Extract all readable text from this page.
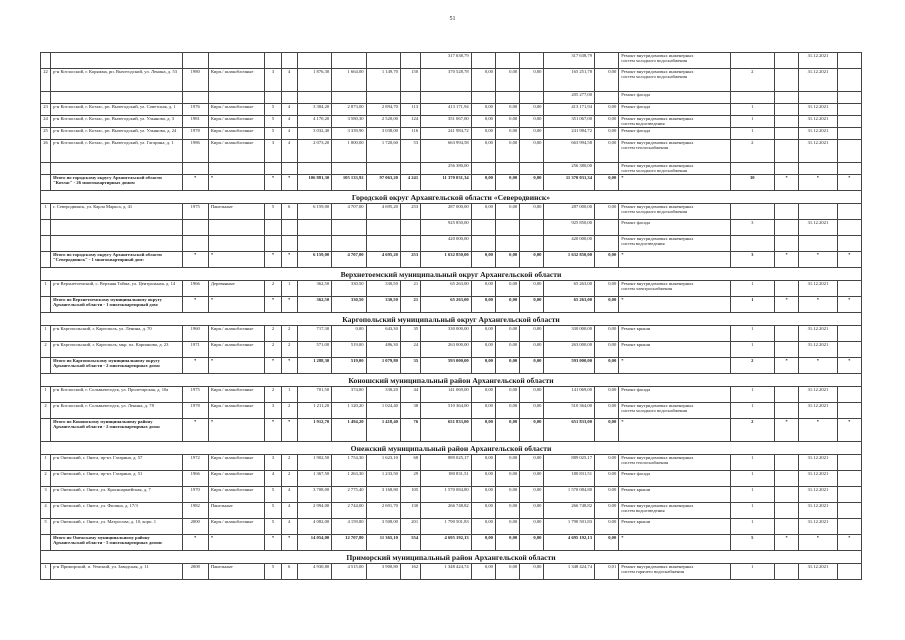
51
										317 638,79				317 638,79		Ремонт внутридомовых инженерных
систем холодного водоснабжения			31.12.2021	
22	р-н Котласский, г. Коряжма, рп. Вычегодский, ул. Ленина, д. 53	1980	Кирп./ шлакоблочные	3	4	1 876,30	1 664,00	1 149,70	150	370 528,78	0,00	0,00	0,00	165 251,78	0,00	Ремонт внутридомовых инженерных
систем холодного водоснабжения	2		31.12.2021	
														205 277,00		Ремонт фасада				
23	р-н Котласский, г. Котлас, рп. Вычегодский, ул. Советская, д. 1	1976	Кирп./ шлакоблочные	5	4	3 384,20	2 873,00	2 894,70	113	413 171,94	0,00	0,00	0,00	413 171,94	0,00	Ремонт фасада	1		31.12.2021	
24	р-н Котласский, г. Котлас, рп. Вычегодский, ул. Ульянова, д. 3	1981	Кирп./ шлакоблочные	5	4	4 170,20	3 580,30	2 520,00	124	351 067,00	0,00	0,00	0,00	351 067,00	0,00	Ремонт внутридомовых инженерных
систем водоотведения	1		31.12.2021	
25	р-н Котласский, г. Котлас, рп. Вычегодский, ул. Ульянова, д. 24	1978	Кирп./ шлакоблочные	5	4	3 032,40	3 339,90	3 038,00	116	241 984,72	0,00	0,00	0,00	241 984,72	0,00	Ремонт фасада	1		31.12.2021	
26	р-н Котласский, г. Котлас, рп. Вычегодский, ул. Гагарина, д. 1	1986	Кирп./ шлакоблочные	3	4	2 073,20	1 800,00	1 720,60	53	663 994,58	0,00	0,00	0,00	663 994,58	0,00	Ремонт внутридомовых инженерных
систем теплоснабжения	2		31.12.2021	
										256 380,00				256 380,00		Ремонт внутридомовых инженерных
систем холодного водоснабжения				
	Итого по городскому округу Архангельской области "Котлас" - 26 многоквартирных домов:	*	*	*	*	106 881,30	105 133,92	97 063,20	4 241	11 370 031,34	0,00	0,00	0,00	11 370 031,34	0,00	*	30	*	*	*
Городской округ Архангельской области «Северодвинск»																				
1	г. Северодвинск, ул. Карла Маркса, д. 41	1975	Панельные	5	6	6 159,00	4 707,00	4 695,20	253	287 000,00	0,00	0,00	0,00	287 000,00	0,00	Ремонт внутридомовых инженерных
систем холодного водоснабжения				
										925 850,00				925 850,00		Ремонт фасада	3		31.12.2021	
										420 000,00				420 000,00		Ремонт внутридомовых инженерных
систем водоотведения				
	Итого по городскому округу Архангельской области "Северодвинск" - 1 многоквартирный дом:	*	*	*	*	6 159,00	4 707,00	4 695,20	253	1 632 850,00	0,00	0,00	0,00	1 632 850,00	0,00	*	3	*	*	*
Верхнетоемский муниципальный округ Архангельской области																				
1	р-н Верхнетоемский, с. Верхняя Тойма, ул. Центральная, д. 14	1966	Деревянные	2	1	362,50	330,50	330,50	21	65 263,00	0,00	0,00	0,00	65 263,00	0,00	Ремонт внутридомовых инженерных
систем электроснабжения	1		31.12.2021	
	Итого по Верхнетоемскому муниципальному округу Архангельской области - 1 многоквартирный дом:	*	*	*	*	362,50	330,50	330,50	21	65 263,00	0,00	0,00	0,00	65 263,00	0,00	*	1	*	*	*
Каргопольский муниципальный округ Архангельской области																				
1	р-н Каргопольский, г. Каргополь, ул. Ленина, д. 70	1960	Кирп./ шлакоблочные	2	2	717,30	0,00	643,30	35	330 000,00	0,00	0,00	0,00	330 000,00	0,00	Ремонт крыши	1		31.12.2021	
2	р-н Каргопольский, г. Каргополь, мкр. пл. Карпинова, д. 23	1971	Кирп./ шлакоблочные	2	2	571,00	519,00	486,30	24	263 000,00	0,00	0,00	0,00	263 000,00	0,00	Ремонт крыши	1		31.12.2021	
	Итого по Каргопольскому муниципальному округу Архангельской области - 2 многоквартирных дома:	*	*	*	*	1 288,30	519,00	1 079,80	35	593 000,00	0,00	0,00	0,00	593 000,00	0,00	*	2	*	*	*
Коношский муниципальный район Архангельской области																				
1	р-н Котласский, г. Сольвычегодск, ул. Пролетарская, д. 10а	1975	Кирп./ шлакоблочные	2	1	701,50	374,00	338,20	44	141 069,00	0,00	0,00	0,00	141 069,00	0,00	Ремонт фасада	1		31.12.2021	
2	р-н Котласский, г. Сольвычегодск, ул. Ленина, д. 78	1978	Кирп./ шлакоблочные	3	2	1 211,20	1 120,20	1 024,40	38	510 364,00	0,00	0,00	0,00	510 364,00	0,00	Ремонт внутридомовых инженерных
систем холодного водоснабжения	1		31.12.2021	
	Итого по Коношскому муниципальному району Архангельской области - 2 многоквартирных дома:	*	*	*	*	1 912,70	1 494,20	1 418,40	76	651 833,00	0,00	0,00	0,00	651 833,00	0,00	*	2	*	*	*
Онежский муниципальный район Архангельской области																				
1	р-н Онежский, г. Онега, пр-кт. Гагарина, д. 57	1972	Кирп./ шлакоблочные	3	2	1 902,50	1 754,30	1 623,10	68	889 025,17	0,00	0,00	0,00	889 025,17	0,00	Ремонт внутридомовых инженерных
систем теплоснабжения	1		31.12.2021	
2	р-н Онежский, г. Онега, пр-кт. Гагарина, д. 51	1966	Кирп./ шлакоблочные	4	2	1 367,50	1 263,30	1 233,50	29	180 831,51	0,00	0,00	0,00	180 831,51	0,00	Ремонт фасада	1		31.12.2021	
3	р-н Онежский, г. Онега, ул. Красноармейская, д. 7	1970	Кирп./ шлакоблочные	5	4	3 708,00	2 775,40	3 168,80	105	1 570 084,80	0,00	0,00	0,00	1 570 084,80	0,00	Ремонт крыши	1		31.12.2021	
4	р-н Онежский, г. Онега, ул. Филина, д. 17/3	1982	Панельные	5	4	2 994,00	2 744,00	2 691,70	130	266 748,82	0,00	0,00	0,00	266 748,82	0,00	Ремонт внутридомовых инженерных
систем водоотведения	1		31.12.2021	
5	р-н Онежский, г. Онега, ул. Матросова, д. 10, корп. 1	2000	Кирп./ шлакоблочные	5	4	4 082,00	4 159,80	3 508,00	201	1 790 501,83	0,00	0,00	0,00	1 790 501,83	0,00	Ремонт крыши	1		31.12.2021	
	Итого по Онежскому муниципальному району Архангельской области - 5 многоквартирных домов:	*	*	*	*	14 054,00	12 707,80	11 365,10	554	4 695 192,13	0,00	0,00	0,00	4 695 192,13	0,00	*	5	*	*	*
Приморский муниципальный район Архангельской области																				
1	р-н Приморский, п. Уемский, ул. Заводская, д. 11	2008	Панельные	5	6	4 930,80	4 515,00	3 900,80	162	1 348 424,74	0,00	0,00	0,00	1 348 424,74	0,01	Ремонт внутридомовых инженерных
систем горячего водоснабжения	1		31.12.2021	
